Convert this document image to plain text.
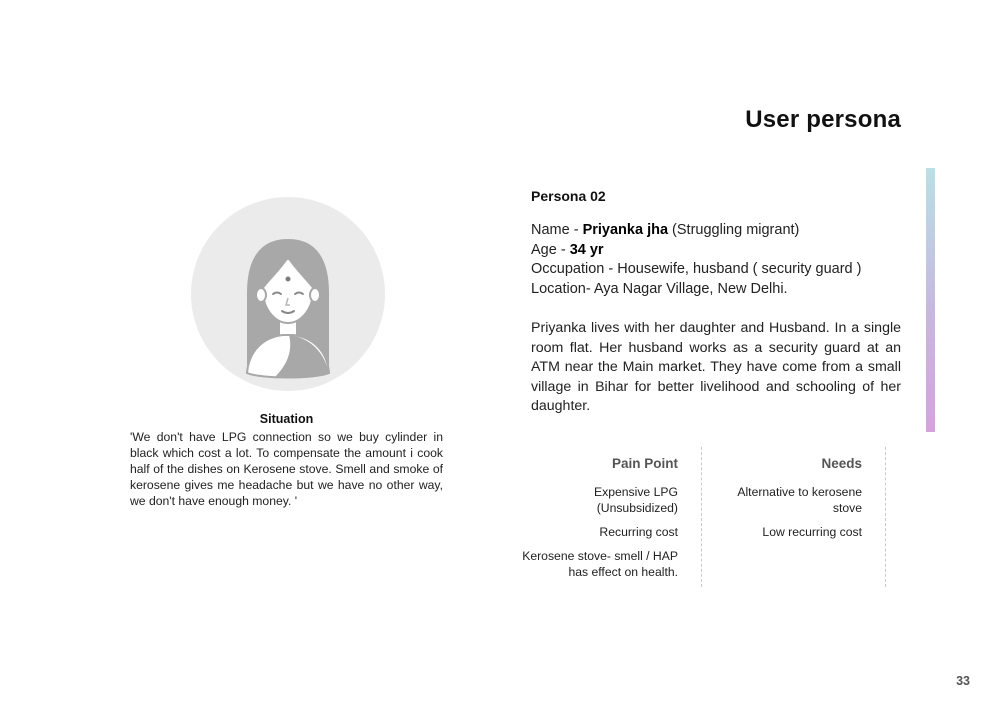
User persona
Situation
'We don't have LPG connection so we buy cylinder in black which cost a lot. To compensate the amount i cook half of the dishes on Kerosene stove. Smell and smoke of kerosene gives me headache but we have no other way, we don't have enough money. '
Persona 02
Name - Priyanka jha (Struggling migrant)
Age - 34 yr
Occupation - Housewife, husband ( security guard )
Location- Aya Nagar Village, New Delhi.
Priyanka lives with her daughter and Husband. In a single room flat. Her husband works as a security guard at an ATM near the Main market. They have come from a small village in Bihar for better livelihood and schooling of her daughter.
Pain Point
Expensive LPG (Unsubsidized)
Recurring cost
Kerosene stove- smell / HAP has effect on health.
Needs
Alternative to kerosene stove
Low recurring cost
33
